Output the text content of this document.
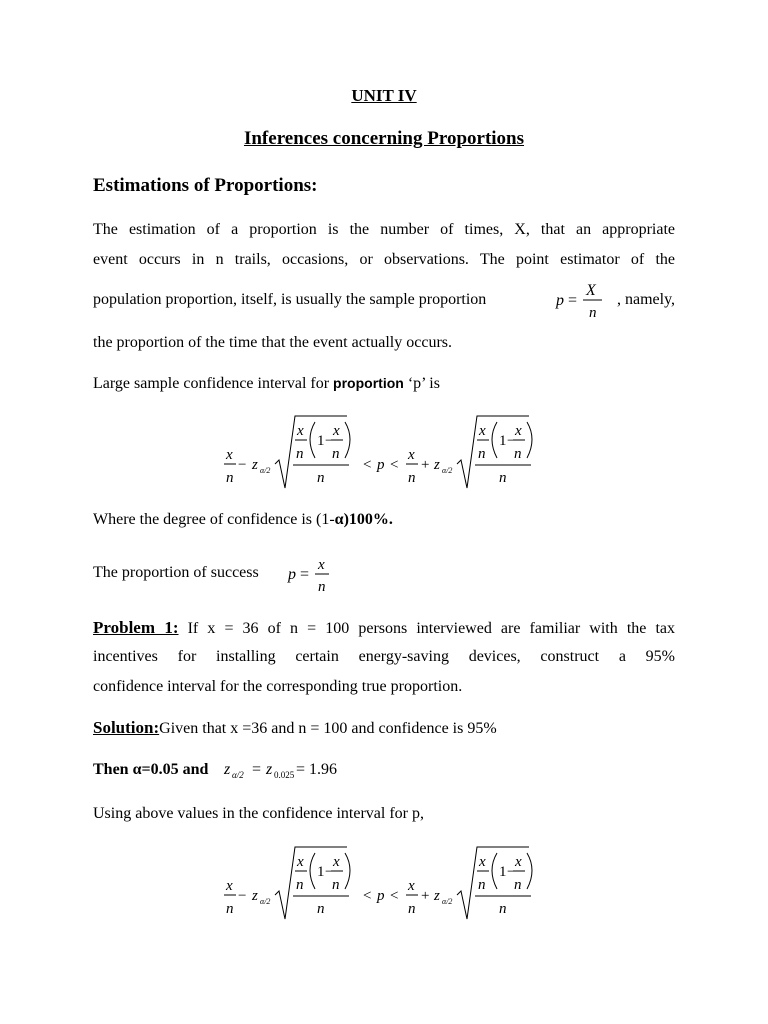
UNIT IV
Inferences concerning Proportions
Estimations of Proportions:
The estimation of a proportion is the number of times, X, that an appropriate
event occurs in n trails, occasions, or observations. The point estimator of the
population proportion, itself, is usually the sample proportion	p =
X
n
, namely,
the proportion of the time that the event actually occurs.
Large sample confidence interval for proportion ‘p’ is
x
n
− z α/2
x
n
1 −
x
n
n
< p <
x
n
+ z α/2
x
n
1 −
x
n
n
Where the degree of confidence is (1-α)100%.
The proportion of success p =
x
n
Problem 1: If x = 36 of n = 100 persons interviewed are familiar with the tax
incentives for installing certain energy-saving devices, construct a 95%
confidence interval for the corresponding true proportion.
Solution:Given that x =36 and n = 100 and confidence is 95%
Then α=0.05 and z α/2 = z 0.025 = 1.96
Using above values in the confidence interval for p,
x
n
− z α/2
x
n
1 −
x
n
n
< p <
x
n
+ z α/2
x
n
1 −
x
n
n
